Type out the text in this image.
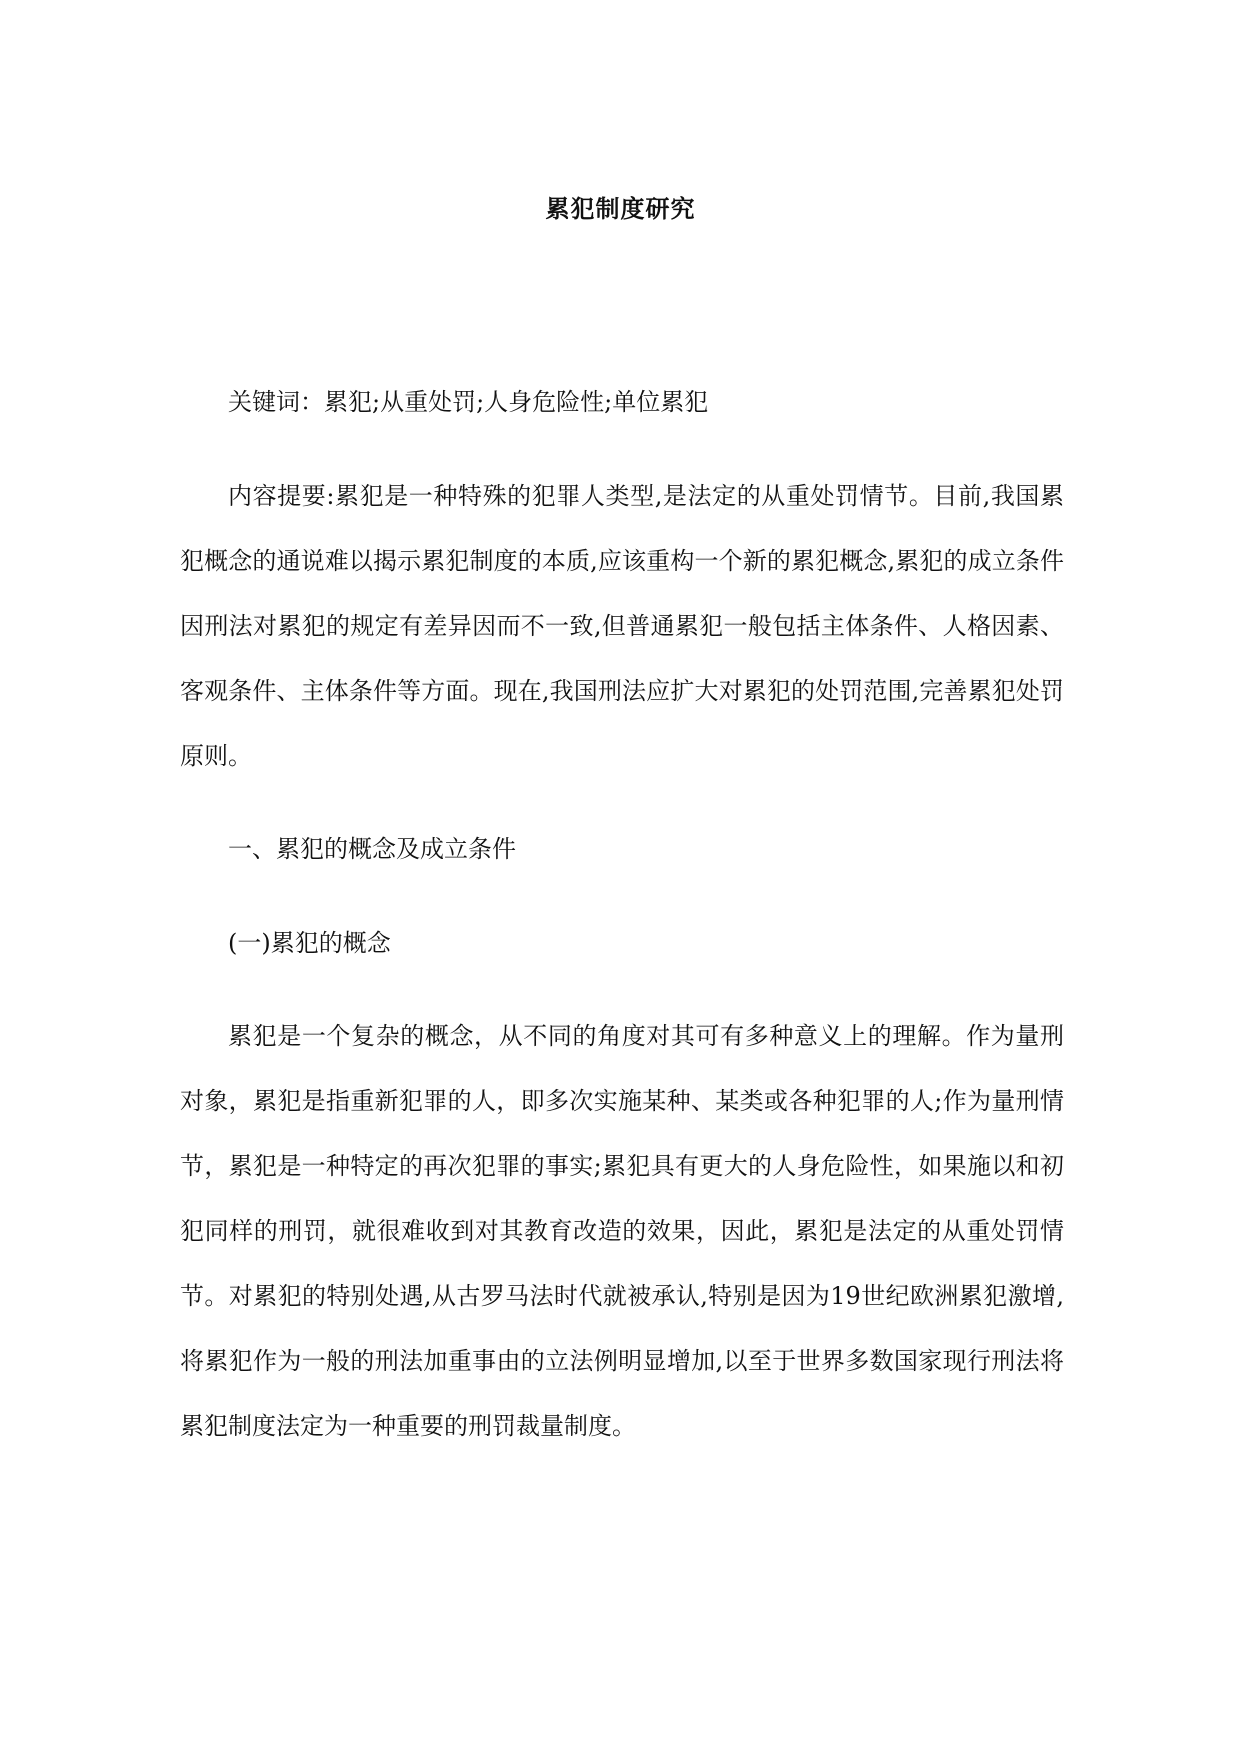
累犯制度研究

关键词：累犯;从重处罚;人身危险性;单位累犯

内容提要:累犯是一种特殊的犯罪人类型,是法定的从重处罚情节。目前,我国累犯概念的通说难以揭示累犯制度的本质,应该重构一个新的累犯概念,累犯的成立条件因刑法对累犯的规定有差异因而不一致,但普通累犯一般包括主体条件、人格因素、客观条件、主体条件等方面。现在,我国刑法应扩大对累犯的处罚范围,完善累犯处罚原则。

一、累犯的概念及成立条件

(一)累犯的概念

累犯是一个复杂的概念，从不同的角度对其可有多种意义上的理解。作为量刑对象，累犯是指重新犯罪的人，即多次实施某种、某类或各种犯罪的人;作为量刑情节，累犯是一种特定的再次犯罪的事实;累犯具有更大的人身危险性，如果施以和初犯同样的刑罚，就很难收到对其教育改造的效果，因此，累犯是法定的从重处罚情节。对累犯的特别处遇,从古罗马法时代就被承认,特别是因为19世纪欧洲累犯激增,将累犯作为一般的刑法加重事由的立法例明显增加,以至于世界多数国家现行刑法将累犯制度法定为一种重要的刑罚裁量制度。
